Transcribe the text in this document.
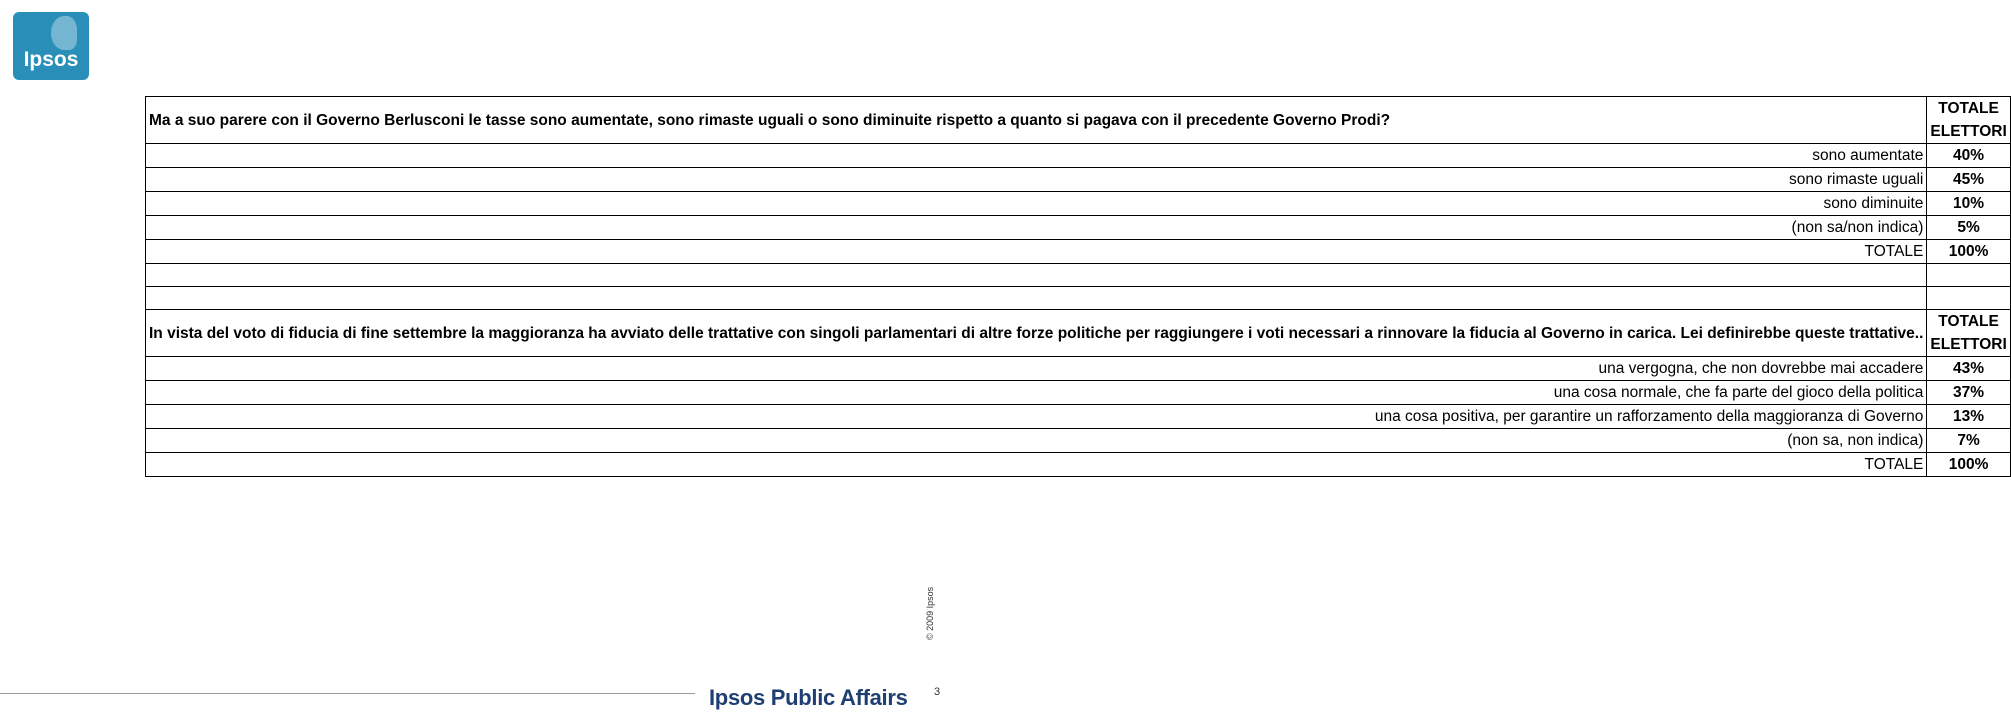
Ipsos
Ma a suo parere con il Governo Berlusconi le tasse sono aumentate, sono rimaste uguali o sono diminuite rispetto a quanto si pagava con il precedente Governo Prodi?	TOTALE
ELETTORI
sono aumentate	40%
sono rimaste uguali	45%
sono diminuite	10%
(non sa/non indica)	5%
TOTALE	100%

In vista del voto di fiducia di fine settembre la maggioranza ha avviato delle trattative con singoli parlamentari di altre forze politiche per raggiungere i voti necessari a rinnovare la fiducia al Governo in carica. Lei definirebbe queste trattative..	TOTALE
ELETTORI
una vergogna, che non dovrebbe mai accadere	43%
una cosa normale, che fa parte del gioco della politica	37%
una cosa positiva, per garantire un rafforzamento della maggioranza di Governo	13%
(non sa, non indica)	7%
TOTALE	100%
© 2009 Ipsos
Ipsos Public Affairs 3
